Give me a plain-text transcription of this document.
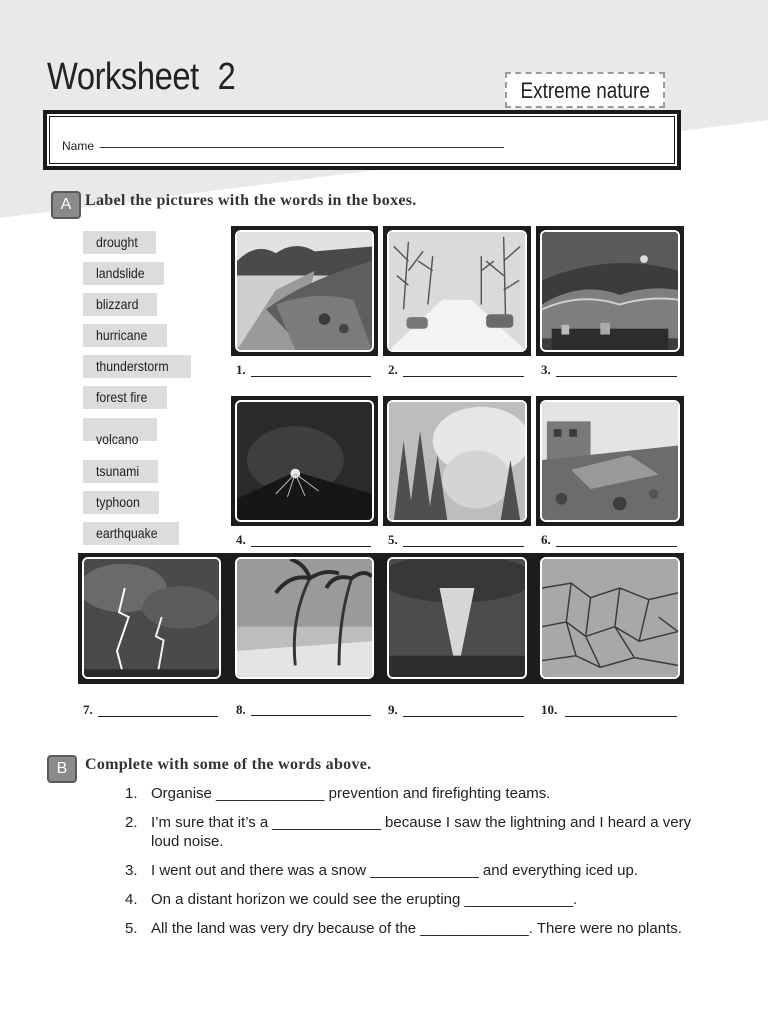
Worksheet 2	Extreme nature
Name
A Label the pictures with the words in the boxes.
drought
landslide
blizzard
hurricane
thunderstorm
forest fire
volcano
tsunami
typhoon
earthquake
1.	2.	3.
4.	5.	6.
7.	8.	9.	10.
B	Complete with some of the words above.
1. Organise _____________ prevention and firefighting teams.
2. I’m sure that it’s a _____________ because I saw the lightning and I heard a very loud noise.
3. I went out and there was a snow _____________ and everything iced up.
4. On a distant horizon we could see the erupting _____________.
5. All the land was very dry because of the _____________. There were no plants.
